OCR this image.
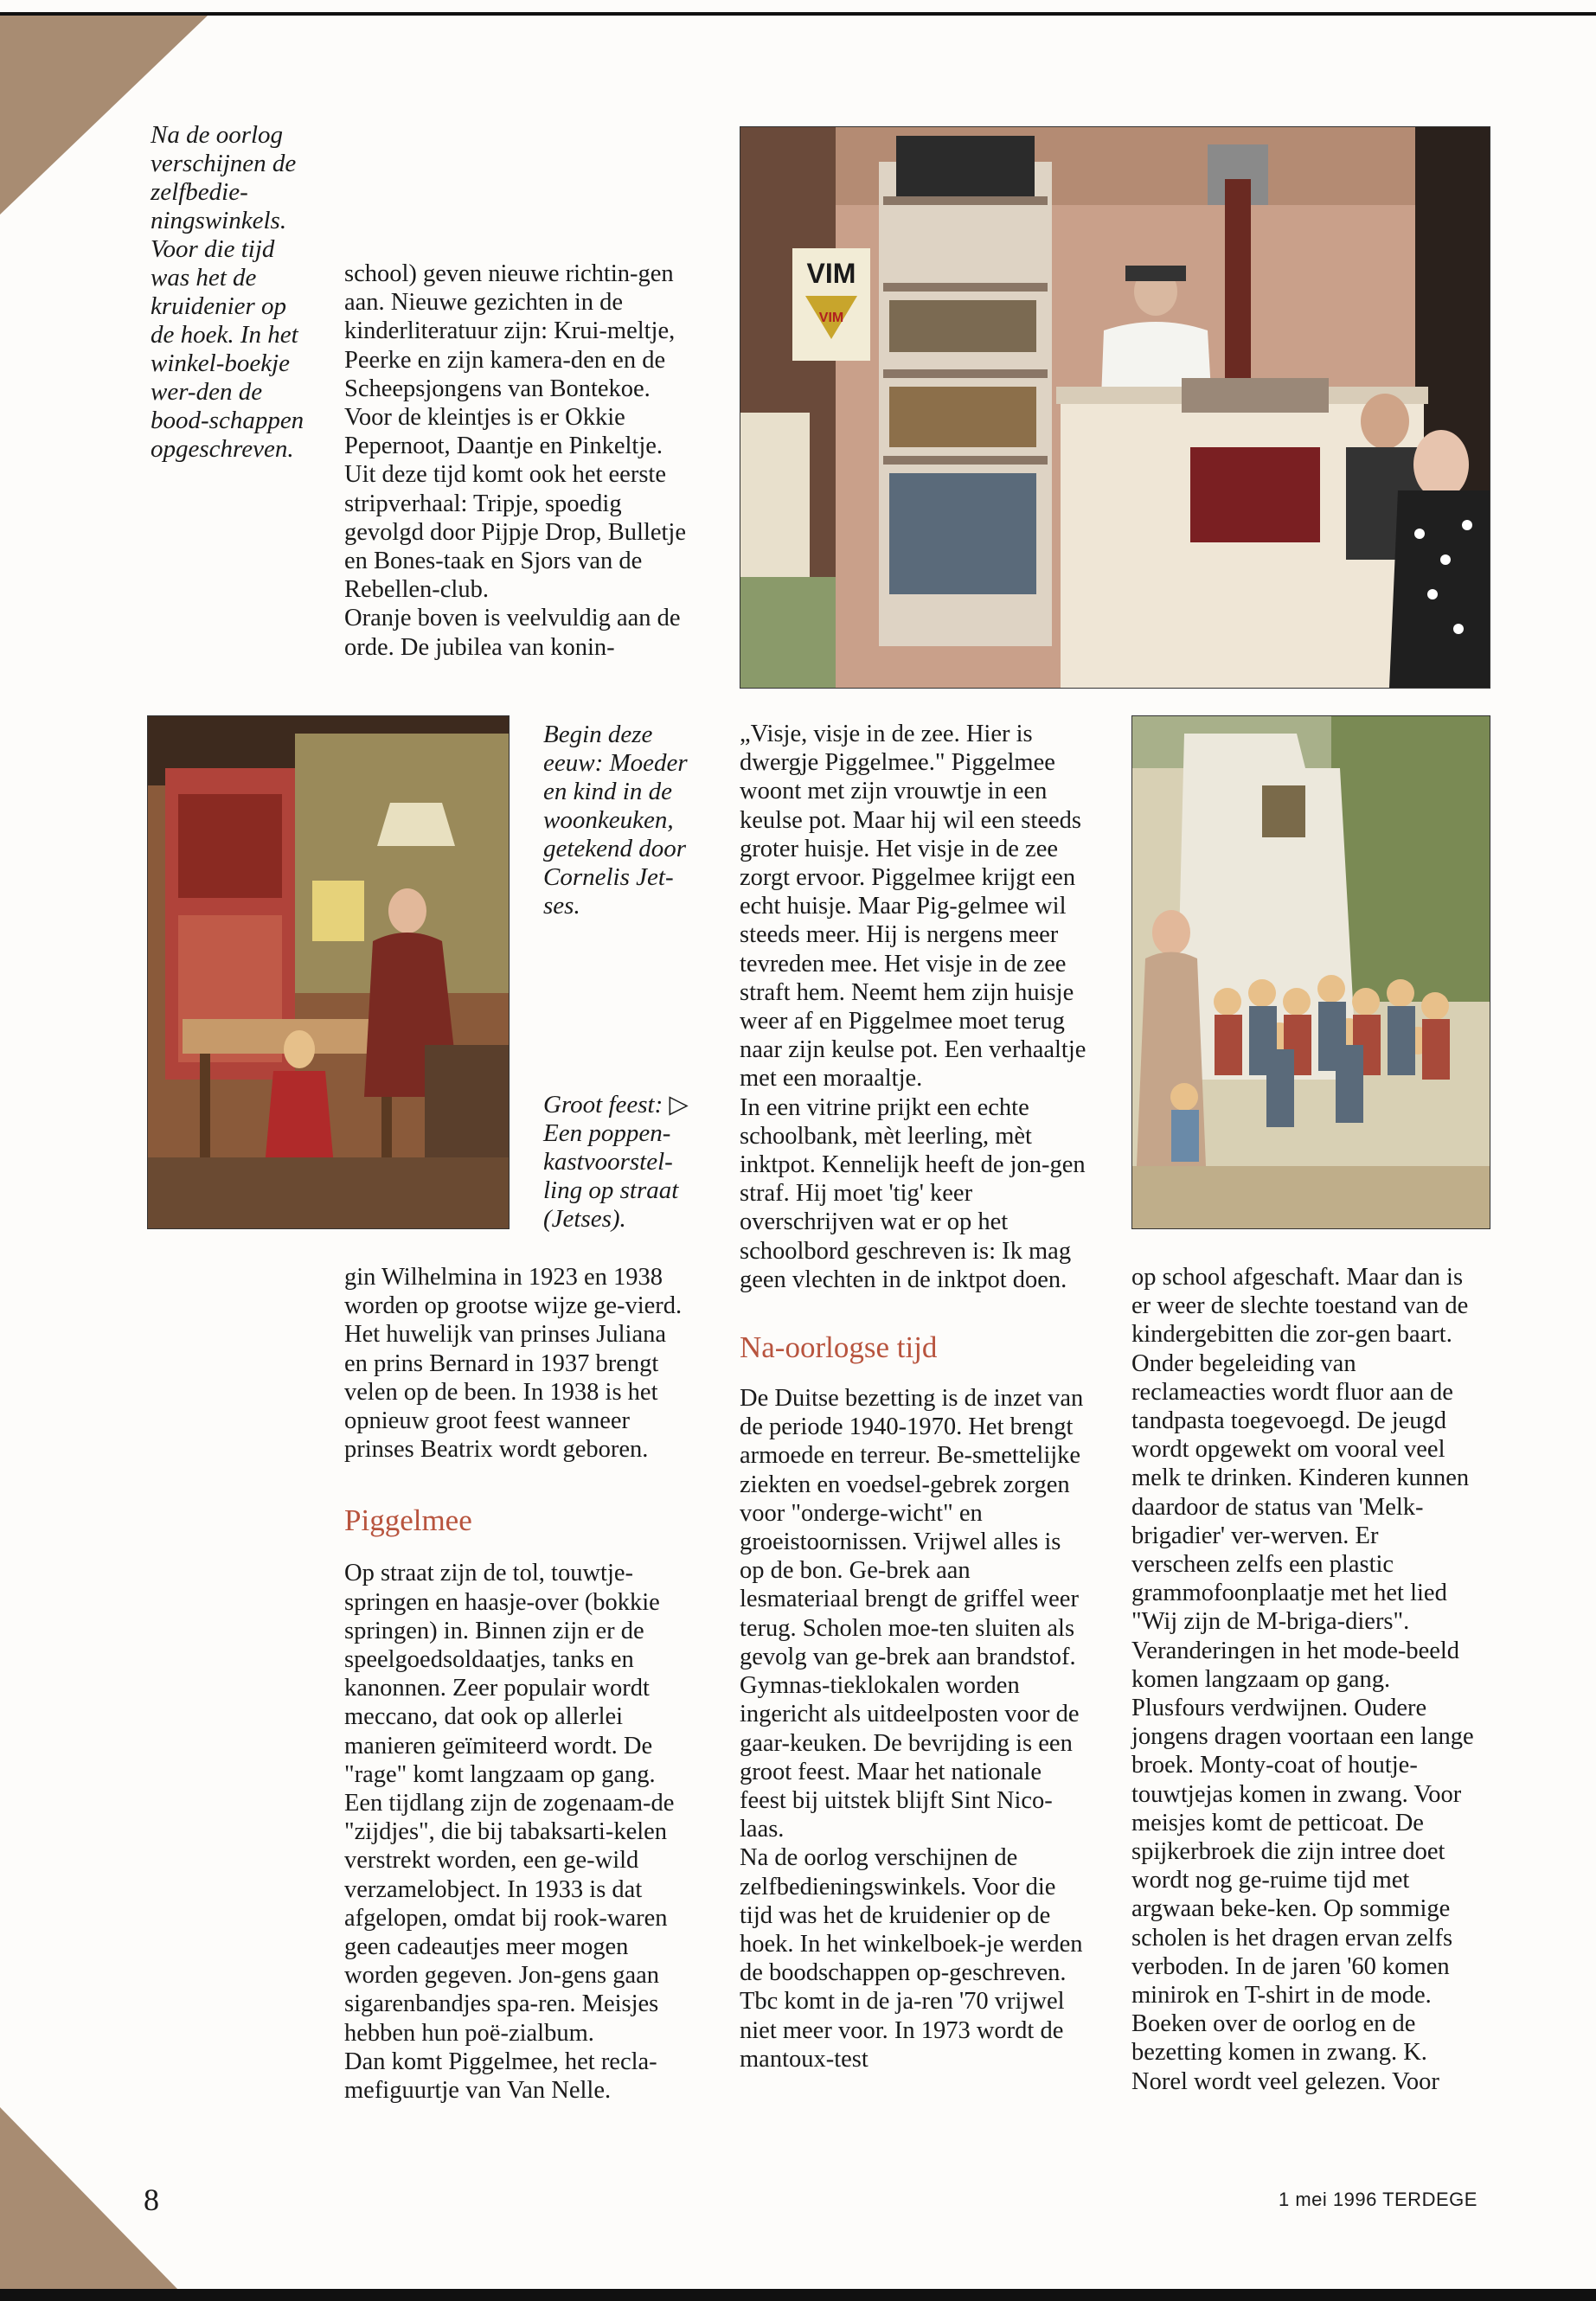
Na de oorlog verschijnen de zelfbedie-ningswinkels. Voor die tijd was het de kruidenier op de hoek. In het winkel-boekje wer-den de bood-schappen opgeschreven.

school) geven nieuwe richtin-gen aan. Nieuwe gezichten in de kinderliteratuur zijn: Krui-meltje, Peerke en zijn kamera-den en de Scheepsjongens van Bontekoe. Voor de kleintjes is er Okkie Pepernoot, Daantje en Pinkeltje. Uit deze tijd komt ook het eerste stripverhaal: Tripje, spoedig gevolgd door Pijpje Drop, Bulletje en Bones-taak en Sjors van de Rebellen-club.

Oranje boven is veelvuldig aan de orde. De jubilea van konin-

VIM
VIM

Begin deze eeuw: Moeder en kind in de woonkeuken, getekend door Cornelis Jet-ses.

Groot feest: ▷ Een poppen-kastvoorstel-ling op straat (Jetses).

gin Wilhelmina in 1923 en 1938 worden op grootse wijze ge-vierd. Het huwelijk van prinses Juliana en prins Bernard in 1937 brengt velen op de been. In 1938 is het opnieuw groot feest wanneer prinses Beatrix wordt geboren.

Piggelmee

Op straat zijn de tol, touwtje-springen en haasje-over (bokkie springen) in. Binnen zijn er de speelgoedsoldaatjes, tanks en kanonnen. Zeer populair wordt meccano, dat ook op allerlei manieren geïmiteerd wordt. De "rage" komt langzaam op gang. Een tijdlang zijn de zogenaam-de "zijdjes", die bij tabaksarti-kelen verstrekt worden, een ge-wild verzamelobject. In 1933 is dat afgelopen, omdat bij rook-waren geen cadeautjes meer mogen worden gegeven. Jon-gens gaan sigarenbandjes spa-ren. Meisjes hebben hun poë-zialbum.

Dan komt Piggelmee, het recla-mefiguurtje van Van Nelle.

„Visje, visje in de zee. Hier is dwergje Piggelmee." Piggelmee woont met zijn vrouwtje in een keulse pot. Maar hij wil een steeds groter huisje. Het visje in de zee zorgt ervoor. Piggelmee krijgt een echt huisje. Maar Pig-gelmee wil steeds meer. Hij is nergens meer tevreden mee. Het visje in de zee straft hem. Neemt hem zijn huisje weer af en Piggelmee moet terug naar zijn keulse pot. Een verhaaltje met een moraaltje.

In een vitrine prijkt een echte schoolbank, mèt leerling, mèt inktpot. Kennelijk heeft de jon-gen straf. Hij moet 'tig' keer overschrijven wat er op het schoolbord geschreven is: Ik mag geen vlechten in de inktpot doen.

Na-oorlogse tijd

De Duitse bezetting is de inzet van de periode 1940-1970. Het brengt armoede en terreur. Be-smettelijke ziekten en voedsel-gebrek zorgen voor "onderge-wicht" en groeistoornissen. Vrijwel alles is op de bon. Ge-brek aan lesmateriaal brengt de griffel weer terug. Scholen moe-ten sluiten als gevolg van ge-brek aan brandstof. Gymnas-tieklokalen worden ingericht als uitdeelposten voor de gaar-keuken. De bevrijding is een groot feest. Maar het nationale feest bij uitstek blijft Sint Nico-laas.

Na de oorlog verschijnen de zelfbedieningswinkels. Voor die tijd was het de kruidenier op de hoek. In het winkelboek-je werden de boodschappen op-geschreven. Tbc komt in de ja-ren '70 vrijwel niet meer voor. In 1973 wordt de mantoux-test

op school afgeschaft. Maar dan is er weer de slechte toestand van de kindergebitten die zor-gen baart. Onder begeleiding van reclameacties wordt fluor aan de tandpasta toegevoegd. De jeugd wordt opgewekt om vooral veel melk te drinken. Kinderen kunnen daardoor de status van 'Melk-brigadier' ver-werven. Er verscheen zelfs een plastic grammofoonplaatje met het lied "Wij zijn de M-briga-diers".

Veranderingen in het mode-beeld komen langzaam op gang. Plusfours verdwijnen. Oudere jongens dragen voortaan een lange broek. Monty-coat of houtje-touwtjejas komen in zwang. Voor meisjes komt de petticoat. De spijkerbroek die zijn intree doet wordt nog ge-ruime tijd met argwaan beke-ken. Op sommige scholen is het dragen ervan zelfs verboden. In de jaren '60 komen minirok en T-shirt in de mode.

Boeken over de oorlog en de bezetting komen in zwang. K. Norel wordt veel gelezen. Voor

8	1 mei 1996 TERDEGE
